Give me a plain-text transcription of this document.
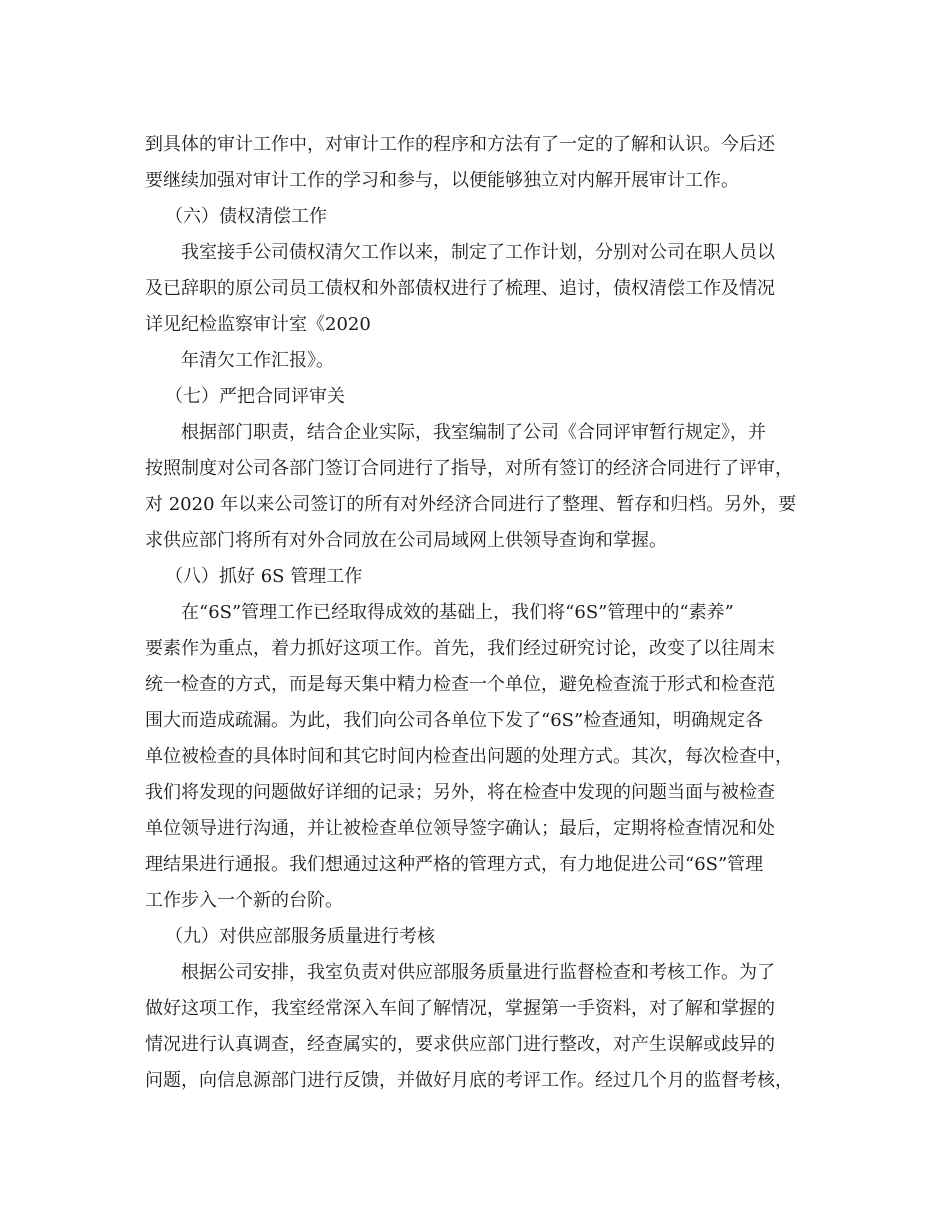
到具体的审计工作中，对审计工作的程序和方法有了一定的了解和认识。今后还
要继续加强对审计工作的学习和参与，以便能够独立对内解开展审计工作。
（六）债权清偿工作
我室接手公司债权清欠工作以来，制定了工作计划，分别对公司在职人员以
及已辞职的原公司员工债权和外部债权进行了梳理、追讨，债权清偿工作及情况
详见纪检监察审计室《2020
年清欠工作汇报》。
（七）严把合同评审关
根据部门职责，结合企业实际，我室编制了公司《合同评审暂行规定》，并
按照制度对公司各部门签订合同进行了指导，对所有签订的经济合同进行了评审，
对 2020 年以来公司签订的所有对外经济合同进行了整理、暂存和归档。另外，要
求供应部门将所有对外合同放在公司局域网上供领导查询和掌握。
（八）抓好 6S 管理工作
在“6S”管理工作已经取得成效的基础上，我们将“6S”管理中的“素养”
要素作为重点，着力抓好这项工作。首先，我们经过研究讨论，改变了以往周末
统一检查的方式，而是每天集中精力检查一个单位，避免检查流于形式和检查范
围大而造成疏漏。为此，我们向公司各单位下发了“6S”检查通知，明确规定各
单位被检查的具体时间和其它时间内检查出问题的处理方式。其次，每次检查中，
我们将发现的问题做好详细的记录；另外，将在检查中发现的问题当面与被检查
单位领导进行沟通，并让被检查单位领导签字确认；最后，定期将检查情况和处
理结果进行通报。我们想通过这种严格的管理方式，有力地促进公司“6S”管理
工作步入一个新的台阶。
（九）对供应部服务质量进行考核
根据公司安排，我室负责对供应部服务质量进行监督检查和考核工作。为了
做好这项工作，我室经常深入车间了解情况，掌握第一手资料，对了解和掌握的
情况进行认真调查，经查属实的，要求供应部门进行整改，对产生误解或歧异的
问题，向信息源部门进行反馈，并做好月底的考评工作。经过几个月的监督考核，
